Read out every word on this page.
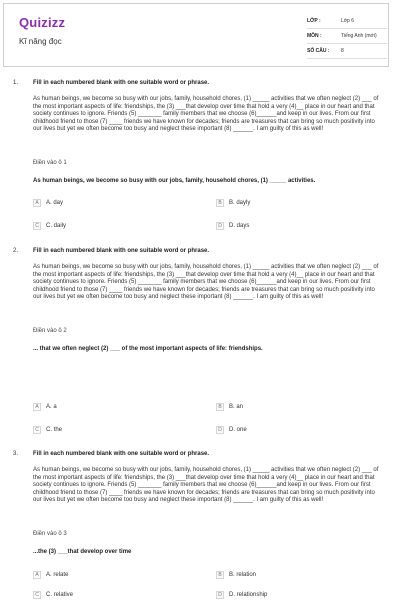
Quizizz
Kĩ năng đọc
LỚP :	Lớp 6
MÔN :	Tiếng Anh (mới)
SỐ CÂU : 8
1. Fill in each numbered blank with one suitable word or phrase.
As human beings, we become so busy with our jobs, family, household chores, (1) _____ activities that we often neglect (2) ___ of the most important aspects of life: friendships, the (3) ___that develop over time that hold a very (4)__ place in our heart and that society continues to ignore. Friends (5) _______ family members that we choose (6)______and keep in our lives. From our first childhood friend to those (7) ____ friends we have known for decades; friends are treasures that can bring so much positivity into our lives but yet we often become too busy and neglect these important (8) ______. I am guilty of this as well!
Điền vào ô 1
As human beings, we become so busy with our jobs, family, household chores, (1) _____ activities.
A	A. day	B	B. dayly
C	C. daily	D	D. days
2. Fill in each numbered blank with one suitable word or phrase.
As human beings, we become so busy with our jobs, family, household chores, (1) _____ activities that we often neglect (2) ___ of the most important aspects of life: friendships, the (3) ___that develop over time that hold a very (4)__ place in our heart and that society continues to ignore. Friends (5) _______ family members that we choose (6)______and keep in our lives. From our first childhood friend to those (7) ____ friends we have known for decades; friends are treasures that can bring so much positivity into our lives but yet we often become too busy and neglect these important (8) ______. I am guilty of this as well!
Điền vào ô 2
... that we often neglect (2) ___ of the most important aspects of life: friendships.
A	A. a	B	B. an
C	C. the	D	D. one
3. Fill in each numbered blank with one suitable word or phrase.
As human beings, we become so busy with our jobs, family, household chores, (1) _____ activities that we often neglect (2) ___ of the most important aspects of life: friendships, the (3) ___that develop over time that hold a very (4)__ place in our heart and that society continues to ignore. Friends (5) _______ family members that we choose (6)______and keep in our lives. From our first childhood friend to those (7) ____ friends we have known for decades; friends are treasures that can bring so much positivity into our lives but yet we often become too busy and neglect these important (8) ______. I am guilty of this as well!
Điền vào ô 3
...the (3) ___that develop over time
A	A. relate	B	B. relation
C	C. relative	D	D. relationship
